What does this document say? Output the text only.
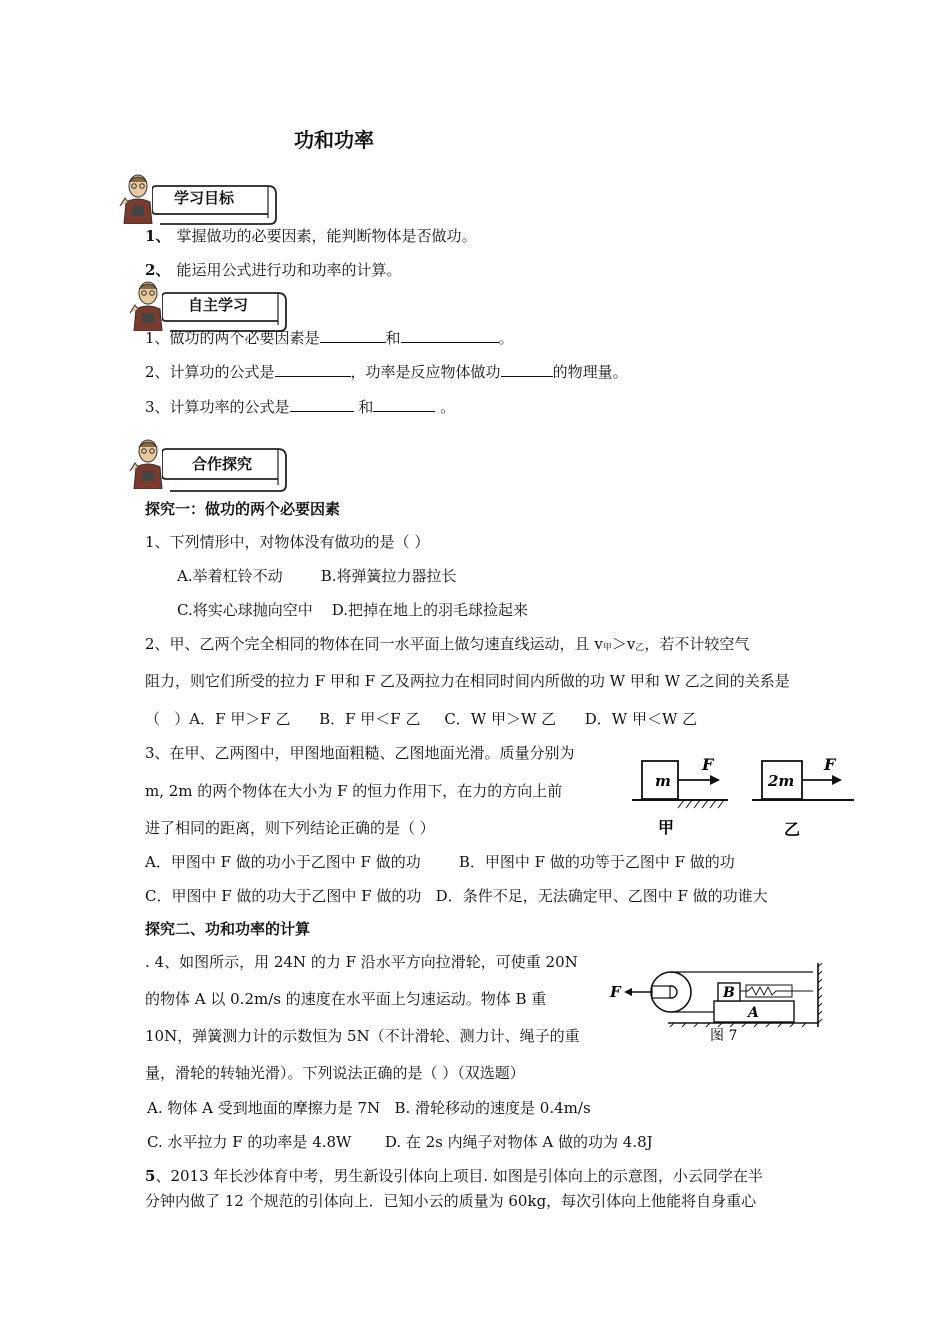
功和功率
学习目标
1、 掌握做功的必要因素，能判断物体是否做功。
2、 能运用公式进行功和功率的计算。
自主学习
1、做功的两个必要因素是	和	。
2、计算功的公式是	，功率是反应物体做功	的物理量。
3、计算功率的公式是	和	。
合作探究
探究一：做功的两个必要因素
1、下列情形中，对物体没有做功的是（ ）
A.举着杠铃不动        B.将弹簧拉力器拉长
C.将实心球抛向空中    D.把掉在地上的羽毛球捡起来
2、甲、乙两个完全相同的物体在同一水平面上做匀速直线运动，且 $v_甲>v_乙$，若不计较空气
阻力，则它们所受的拉力 F 甲和 F 乙及两拉力在相同时间内所做的功 W 甲和 W 乙之间的关系是
（   ）A．F 甲＞F 乙      B．F 甲＜F 乙     C．W 甲＞W 乙      D．W 甲＜W 乙
3、在甲、乙两图中，甲图地面粗糙、乙图地面光滑。质量分别为
m, 2m 的两个物体在大小为 F 的恒力作用下，在力的方向上前
进了相同的距离，则下列结论正确的是（ ）
m	2m
F	F
甲	乙
A．甲图中 F 做的功小于乙图中 F 做的功        B．甲图中 F 做的功等于乙图中 F 做的功
C．甲图中 F 做的功大于乙图中 F 做的功   D．条件不足，无法确定甲、乙图中 F 做的功谁大
探究二、功和功率的计算
. 4、如图所示，用 24N 的力 F 沿水平方向拉滑轮，可使重 20N
的物体 A 以 0.2m/s 的速度在水平面上匀速运动。物体 B 重
10N，弹簧测力计的示数恒为 5N（不计滑轮、测力计、绳子的重
量，滑轮的转轴光滑）。下列说法正确的是（ ）（双选题）
B
A
F
图 7
A. 物体 A 受到地面的摩擦力是 7N   B. 滑轮移动的速度是 0.4m/s
C. 水平拉力 F 的功率是 4.8W       D. 在 2s 内绳子对物体 A 做的功为 4.8J
5、2013 年长沙体育中考，男生新设引体向上项目. 如图是引体向上的示意图，小云同学在半
分钟内做了 12 个规范的引体向上．已知小云的质量为 60kg，每次引体向上他能将自身重心
